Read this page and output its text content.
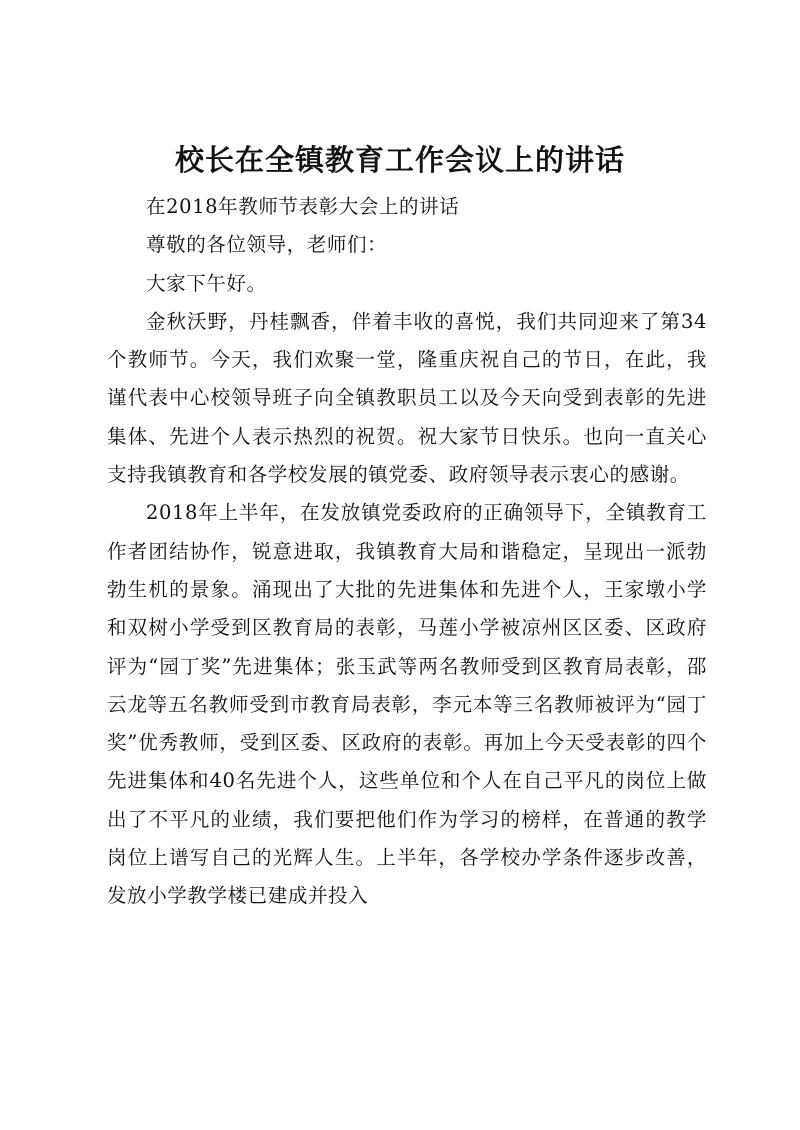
校长在全镇教育工作会议上的讲话

在2018年教师节表彰大会上的讲话

尊敬的各位领导，老师们：

大家下午好。

金秋沃野，丹桂飘香，伴着丰收的喜悦，我们共同迎来了第34个教师节。今天，我们欢聚一堂，隆重庆祝自己的节日，在此，我谨代表中心校领导班子向全镇教职员工以及今天向受到表彰的先进集体、先进个人表示热烈的祝贺。祝大家节日快乐。也向一直关心支持我镇教育和各学校发展的镇党委、政府领导表示衷心的感谢。

2018年上半年，在发放镇党委政府的正确领导下，全镇教育工作者团结协作，锐意进取，我镇教育大局和谐稳定，呈现出一派勃勃生机的景象。涌现出了大批的先进集体和先进个人，王家墩小学和双树小学受到区教育局的表彰，马莲小学被凉州区区委、区政府评为“园丁奖”先进集体；张玉武等两名教师受到区教育局表彰，邵云龙等五名教师受到市教育局表彰，李元本等三名教师被评为“园丁奖”优秀教师，受到区委、区政府的表彰。再加上今天受表彰的四个先进集体和40名先进个人，这些单位和个人在自己平凡的岗位上做出了不平凡的业绩，我们要把他们作为学习的榜样，在普通的教学岗位上谱写自己的光辉人生。上半年，各学校办学条件逐步改善，发放小学教学楼已建成并投入
